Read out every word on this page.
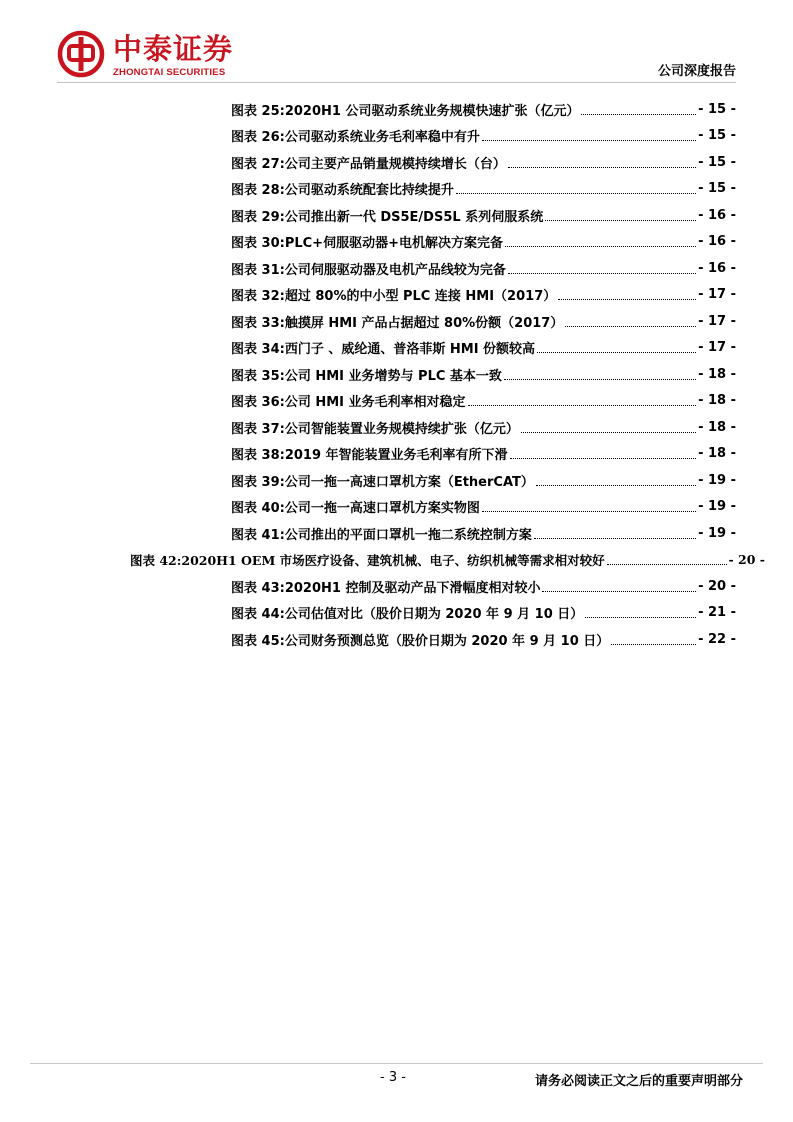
中泰证券
ZHONGTAI SECURITIES	公司深度报告
图表 25: 2020H1 公司驱动系统业务规模快速扩张（亿元）	- 15 -
图表 26: 公司驱动系统业务毛利率稳中有升	- 15 -
图表 27: 公司主要产品销量规模持续增长（台）	- 15 -
图表 28: 公司驱动系统配套比持续提升	- 15 -
图表 29: 公司推出新一代 DS5E/DS5L 系列伺服系统	- 16 -
图表 30: PLC+伺服驱动器+电机解决方案完备	- 16 -
图表 31: 公司伺服驱动器及电机产品线较为完备	- 16 -
图表 32: 超过 80%的中小型 PLC 连接 HMI（2017）	- 17 -
图表 33: 触摸屏 HMI 产品占据超过 80%份额（2017）	- 17 -
图表 34: 西门子 、威纶通、普洛菲斯 HMI 份额较高	- 17 -
图表 35: 公司 HMI 业务增势与 PLC 基本一致	- 18 -
图表 36: 公司 HMI 业务毛利率相对稳定	- 18 -
图表 37: 公司智能装置业务规模持续扩张（亿元）	- 18 -
图表 38: 2019 年智能装置业务毛利率有所下滑	- 18 -
图表 39: 公司一拖一高速口罩机方案（EtherCAT）	- 19 -
图表 40: 公司一拖一高速口罩机方案实物图	- 19 -
图表 41: 公司推出的平面口罩机一拖二系统控制方案	- 19 -
图表 42: 2020H1 OEM 市场医疗设备、建筑机械、电子、纺织机械等需求相对较好	- 20 -
图表 43: 2020H1 控制及驱动产品下滑幅度相对较小	- 20 -
图表 44: 公司估值对比（股价日期为 2020 年 9 月 10 日）	- 21 -
图表 45: 公司财务预测总览（股价日期为 2020 年 9 月 10 日）	- 22 -
- 3 -	请务必阅读正文之后的重要声明部分
